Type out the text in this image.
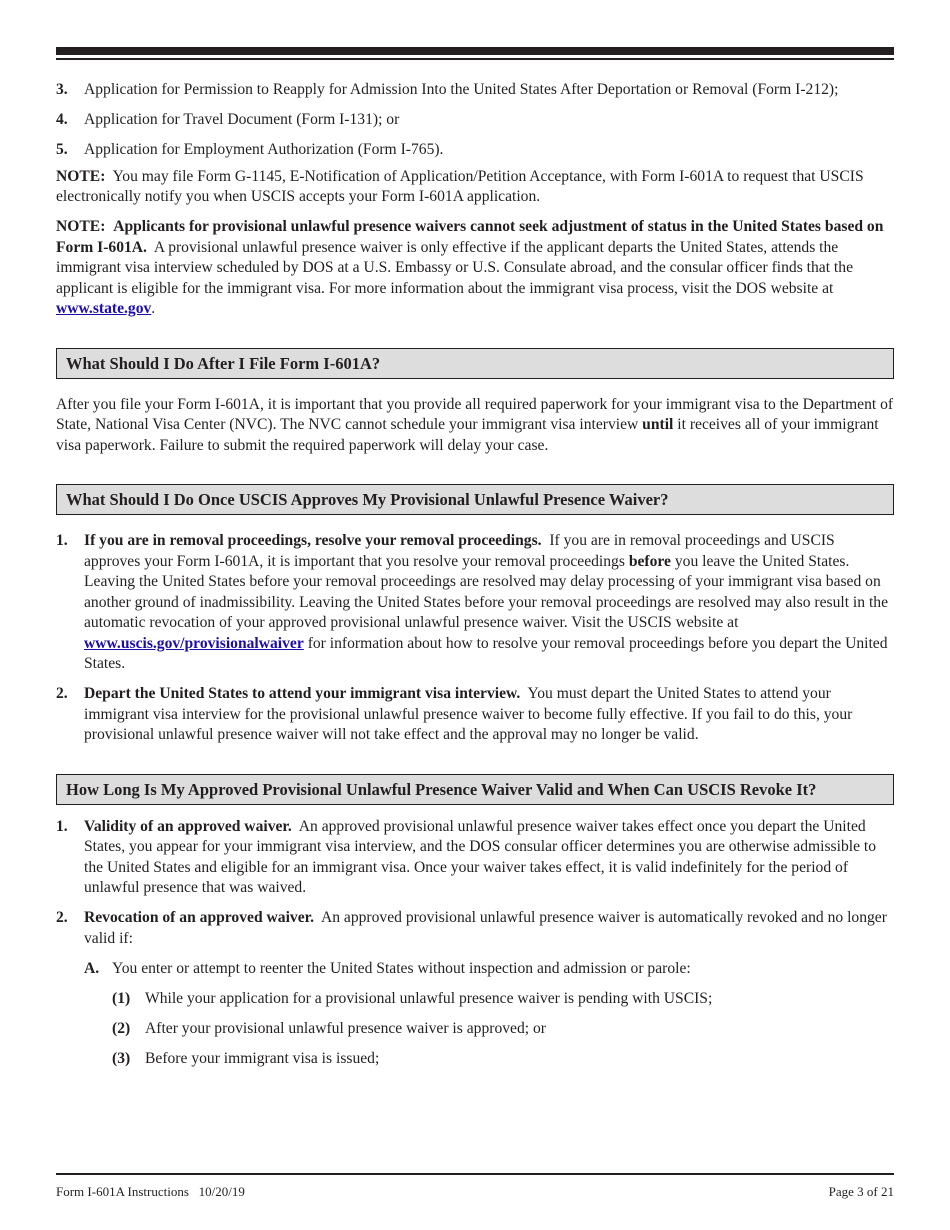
3. Application for Permission to Reapply for Admission Into the United States After Deportation or Removal (Form I-212);
4. Application for Travel Document (Form I-131); or
5. Application for Employment Authorization (Form I-765).

NOTE: You may file Form G-1145, E-Notification of Application/Petition Acceptance, with Form I-601A to request that USCIS electronically notify you when USCIS accepts your Form I-601A application.

NOTE: Applicants for provisional unlawful presence waivers cannot seek adjustment of status in the United States based on Form I-601A. A provisional unlawful presence waiver is only effective if the applicant departs the United States, attends the immigrant visa interview scheduled by DOS at a U.S. Embassy or U.S. Consulate abroad, and the consular officer finds that the applicant is eligible for the immigrant visa. For more information about the immigrant visa process, visit the DOS website at www.state.gov.

What Should I Do After I File Form I-601A?

After you file your Form I-601A, it is important that you provide all required paperwork for your immigrant visa to the Department of State, National Visa Center (NVC). The NVC cannot schedule your immigrant visa interview until it receives all of your immigrant visa paperwork. Failure to submit the required paperwork will delay your case.

What Should I Do Once USCIS Approves My Provisional Unlawful Presence Waiver?
1. If you are in removal proceedings, resolve your removal proceedings. If you are in removal proceedings and USCIS approves your Form I-601A, it is important that you resolve your removal proceedings before you leave the United States. Leaving the United States before your removal proceedings are resolved may delay processing of your immigrant visa based on another ground of inadmissibility. Leaving the United States before your removal proceedings are resolved may also result in the automatic revocation of your approved provisional unlawful presence waiver. Visit the USCIS website at www.uscis.gov/provisionalwaiver for information about how to resolve your removal proceedings before you depart the United States.
2. Depart the United States to attend your immigrant visa interview. You must depart the United States to attend your immigrant visa interview for the provisional unlawful presence waiver to become fully effective. If you fail to do this, your provisional unlawful presence waiver will not take effect and the approval may no longer be valid.
How Long Is My Approved Provisional Unlawful Presence Waiver Valid and When Can USCIS Revoke It?
1. Validity of an approved waiver. An approved provisional unlawful presence waiver takes effect once you depart the United States, you appear for your immigrant visa interview, and the DOS consular officer determines you are otherwise admissible to the United States and eligible for an immigrant visa. Once your waiver takes effect, it is valid indefinitely for the period of unlawful presence that was waived.
2. Revocation of an approved waiver. An approved provisional unlawful presence waiver is automatically revoked and no longer valid if:
A. You enter or attempt to reenter the United States without inspection and admission or parole:
(1) While your application for a provisional unlawful presence waiver is pending with USCIS;
(2) After your provisional unlawful presence waiver is approved; or
(3) Before your immigrant visa is issued;
Form I-601A Instructions   10/20/19	Page 3 of 21
